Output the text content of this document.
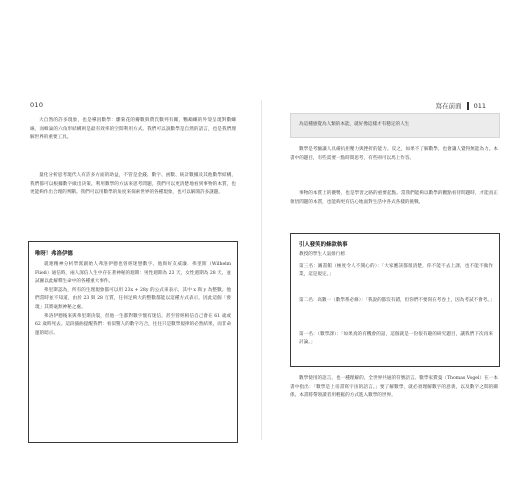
010
大自然的許多現象，也是導因數學：雛菊花的瓣數與費氏數列有關，鸚鵡螺的外殼呈現對數螺線，而蜂巢的六角形結構則是最有效率的空間利用方式。我們可以說數學是自然的語言，也是我們理解世界的重要工具。
量化分析思考現代人有許多方面的助益，不管是金錢、數字、函數、統計數據及其他數學結構，我們都可以根據數字做出決策。利用數學的方法來思考問題，我們可以更清楚地看到事物的本質，也更能夠作出合理的判斷。我們可以用數學的角度來探索世界的各種現象，也可以解開許多謎題。
唯呀！弗洛伊德

就連精神分析學派創始人弗洛伊德也曾經迷戀數字。他與好友威廉．弗里斯（Wilhelm Fließ）通信時，兩人深信人生中存在著神秘的週期：男性週期為 23 天，女性週期為 28 天，並試圖以此解釋生命中的各種重大事件。

弗里斯認為，所有的生理現象都可以用 23x + 28y 的公式來表示，其中 x 與 y 為整數。他們當時並不知道，由於 23 與 28 互質，任何足夠大的整數都能以這種方式表示，因此這個「發現」其實毫無神秘之處。

弗洛伊德後來與弗里斯決裂，但他一生都對數字懷有迷信，甚至曾經相信自己會在 61 歲或 62 歲時死去。這段插曲提醒我們：看似驚人的數字巧合，往往只是數學規律的必然結果，而非命運的暗示。

寫在前面 011
為這種感覺為人類的本能，就好像這樣才有穩定的人生
數學是考驗讓人具備抗拒壓力與挫折的能力。反之，如果不了解數學，也會讓人覺得無能為力。本書中的題目，有些需要一點時間思考，有些則可以馬上作答。
事物的本質上的優勢，也是學習之路的重要起點。當我們能夠以數學的觀點看待問題時，才能真正領悟問題的本質，也能夠更有信心地面對生活中各式各樣的挑戰。
引人發笑的條款執事
教授的學生人氣排行榜
第三名：圖書館（極度令人不開心的）：「大家應該都很清楚，你不能不去上課，也不能不做作業，這是規定。」
第二名：高數一（數學系必修）：「我說的都沒有錯，但你們不要寫在考卷上，因為考試不會考。」
第一名：（數學課）：「如果真的有機會的話，這個就是一份很有趣的研究題目，讓我們下次再來討論。」
數學使用的語言，也一種理解的、全世界共通的符號語言。數學家費曼（Thomas Vogel）在一本書中指出：「數學是上帝書寫宇宙的語言。」要了解數學，就必須理解數字的意義，以及數字之間的關係。本書將帶領讀者用輕鬆的方式進入數學的世界。
